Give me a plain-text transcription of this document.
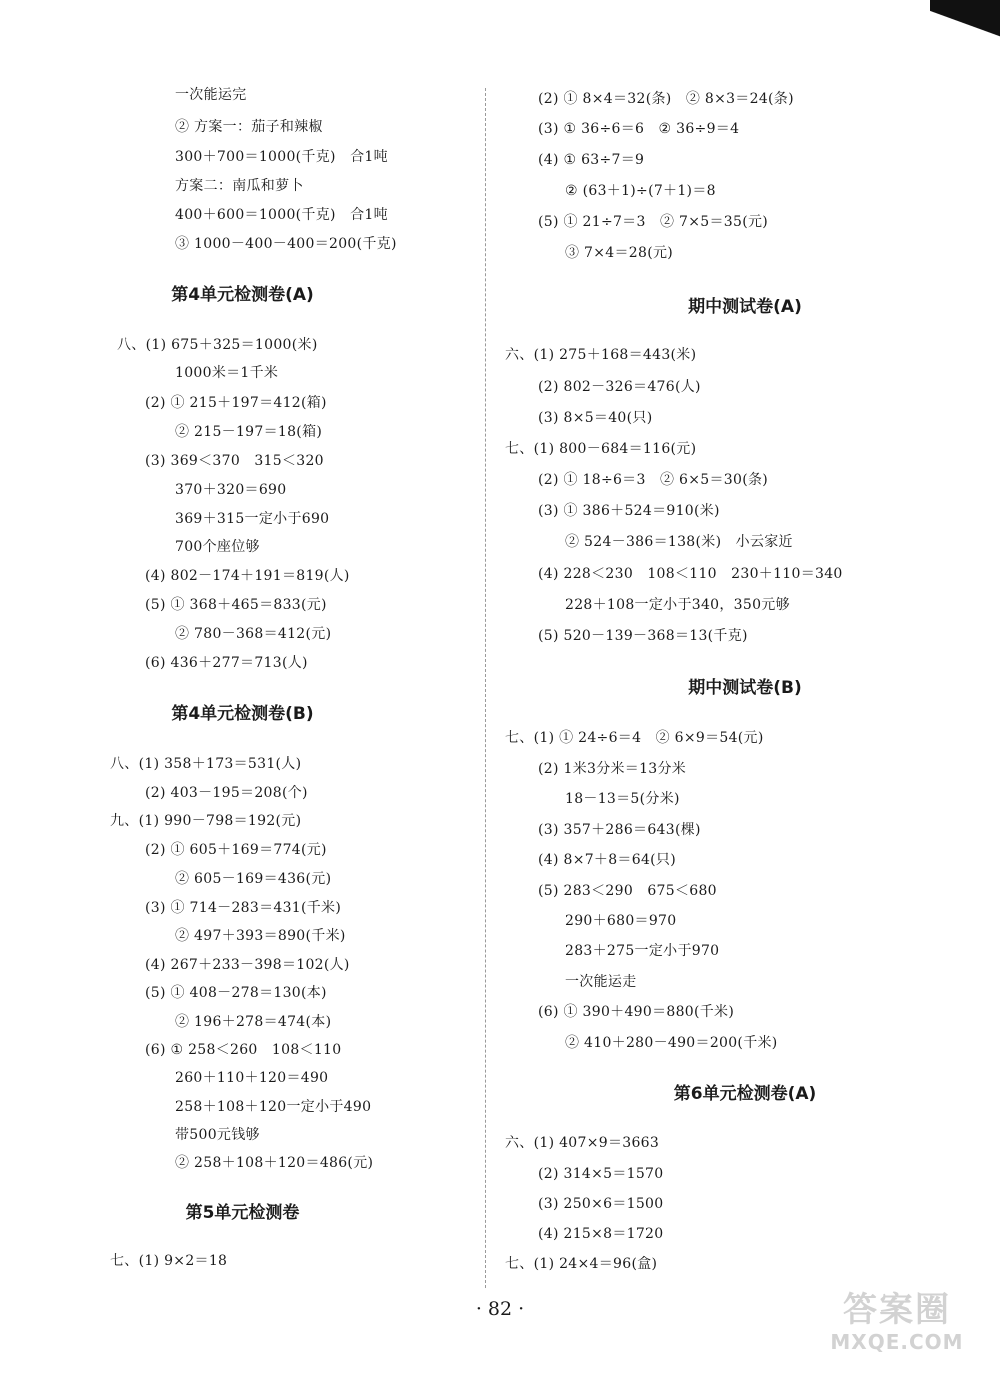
一次能运完
② 方案一：茄子和辣椒
300＋700＝1000(千克)　合1吨
方案二：南瓜和萝卜
400＋600＝1000(千克)　合1吨
③ 1000－400－400＝200(千克)
第4单元检测卷(A)
八、(1) 675＋325＝1000(米)
1000米＝1千米
(2) ① 215＋197＝412(箱)
② 215－197＝18(箱)
(3) 369＜370　315＜320
370＋320＝690
369＋315一定小于690
700个座位够
(4) 802－174＋191＝819(人)
(5) ① 368＋465＝833(元)
② 780－368＝412(元)
(6) 436＋277＝713(人)
第4单元检测卷(B)
八、(1) 358＋173＝531(人)
(2) 403－195＝208(个)
九、(1) 990－798＝192(元)
(2) ① 605＋169＝774(元)
② 605－169＝436(元)
(3) ① 714－283＝431(千米)
② 497＋393＝890(千米)
(4) 267＋233－398＝102(人)
(5) ① 408－278＝130(本)
② 196＋278＝474(本)
(6) ① 258＜260　108＜110
260＋110＋120＝490
258＋108＋120一定小于490
带500元钱够
② 258＋108＋120＝486(元)
第5单元检测卷
七、(1) 9×2＝18
(2) ① 8×4＝32(条)　② 8×3＝24(条)
(3) ① 36÷6＝6　② 36÷9＝4
(4) ① 63÷7＝9
② (63＋1)÷(7＋1)＝8
(5) ① 21÷7＝3　② 7×5＝35(元)
③ 7×4＝28(元)
期中测试卷(A)
六、(1) 275＋168＝443(米)
(2) 802－326＝476(人)
(3) 8×5＝40(只)
七、(1) 800－684＝116(元)
(2) ① 18÷6＝3　② 6×5＝30(条)
(3) ① 386＋524＝910(米)
② 524－386＝138(米)　小云家近
(4) 228＜230　108＜110　230＋110＝340
228＋108一定小于340，350元够
(5) 520－139－368＝13(千克)
期中测试卷(B)
七、(1) ① 24÷6＝4　② 6×9＝54(元)
(2) 1米3分米＝13分米
18－13＝5(分米)
(3) 357＋286＝643(棵)
(4) 8×7＋8＝64(只)
(5) 283＜290　675＜680
290＋680＝970
283＋275一定小于970
一次能运走
(6) ① 390＋490＝880(千米)
② 410＋280－490＝200(千米)
第6单元检测卷(A)
六、(1) 407×9＝3663
(2) 314×5＝1570
(3) 250×6＝1500
(4) 215×8＝1720
七、(1) 24×4＝96(盒)
· 82 ·	答案圈
MXQE.COM
